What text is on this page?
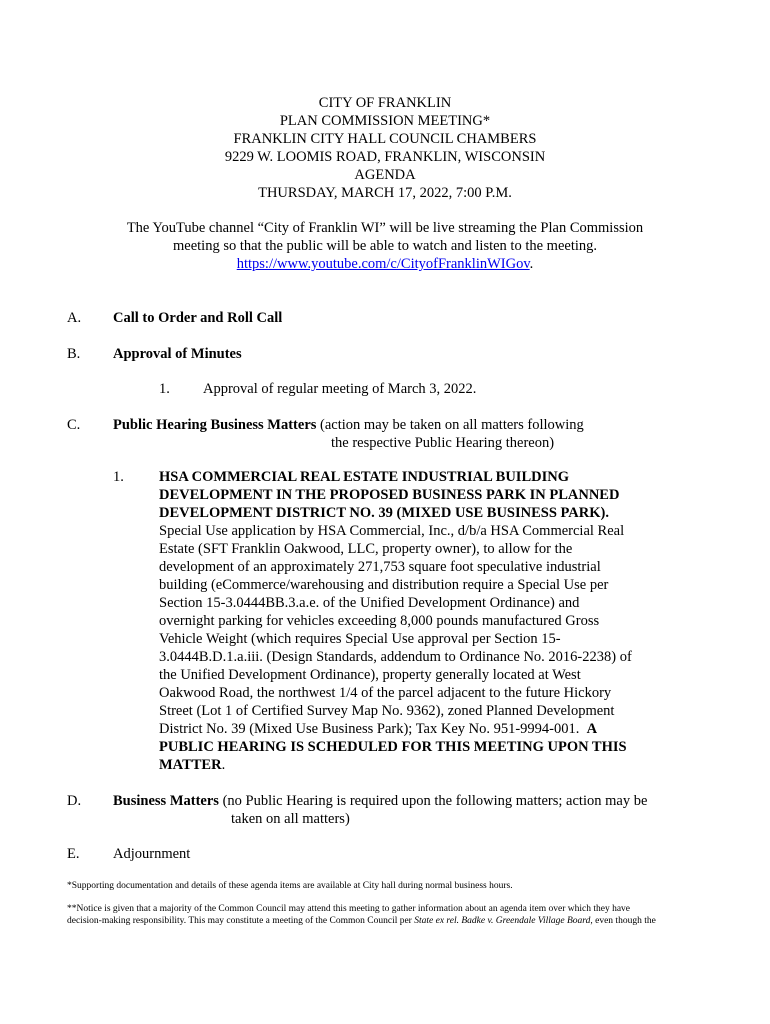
CITY OF FRANKLIN
PLAN COMMISSION MEETING*
FRANKLIN CITY HALL COUNCIL CHAMBERS
9229 W. LOOMIS ROAD, FRANKLIN, WISCONSIN
AGENDA
THURSDAY, MARCH 17, 2022, 7:00 P.M.
The YouTube channel “City of Franklin WI” will be live streaming the Plan Commission
meeting so that the public will be able to watch and listen to the meeting.
https://www.youtube.com/c/CityofFranklinWIGov.
A. Call to Order and Roll Call
B. Approval of Minutes
1. Approval of regular meeting of March 3, 2022.
C. Public Hearing Business Matters (action may be taken on all matters following
the respective Public Hearing thereon)
1. HSA COMMERCIAL REAL ESTATE INDUSTRIAL BUILDING
DEVELOPMENT IN THE PROPOSED BUSINESS PARK IN PLANNED
DEVELOPMENT DISTRICT NO. 39 (MIXED USE BUSINESS PARK).
Special Use application by HSA Commercial, Inc., d/b/a HSA Commercial Real
Estate (SFT Franklin Oakwood, LLC, property owner), to allow for the
development of an approximately 271,753 square foot speculative industrial
building (eCommerce/warehousing and distribution require a Special Use per
Section 15-3.0444BB.3.a.e. of the Unified Development Ordinance) and
overnight parking for vehicles exceeding 8,000 pounds manufactured Gross
Vehicle Weight (which requires Special Use approval per Section 15-
3.0444B.D.1.a.iii. (Design Standards, addendum to Ordinance No. 2016-2238) of
the Unified Development Ordinance), property generally located at West
Oakwood Road, the northwest 1/4 of the parcel adjacent to the future Hickory
Street (Lot 1 of Certified Survey Map No. 9362), zoned Planned Development
District No. 39 (Mixed Use Business Park); Tax Key No. 951-9994-001. A
PUBLIC HEARING IS SCHEDULED FOR THIS MEETING UPON THIS
MATTER.
D. Business Matters (no Public Hearing is required upon the following matters; action may be
taken on all matters)
E. Adjournment
*Supporting documentation and details of these agenda items are available at City hall during normal business hours.
**Notice is given that a majority of the Common Council may attend this meeting to gather information about an agenda item over which they have
decision-making responsibility. This may constitute a meeting of the Common Council per State ex rel. Badke v. Greendale Village Board, even though the
